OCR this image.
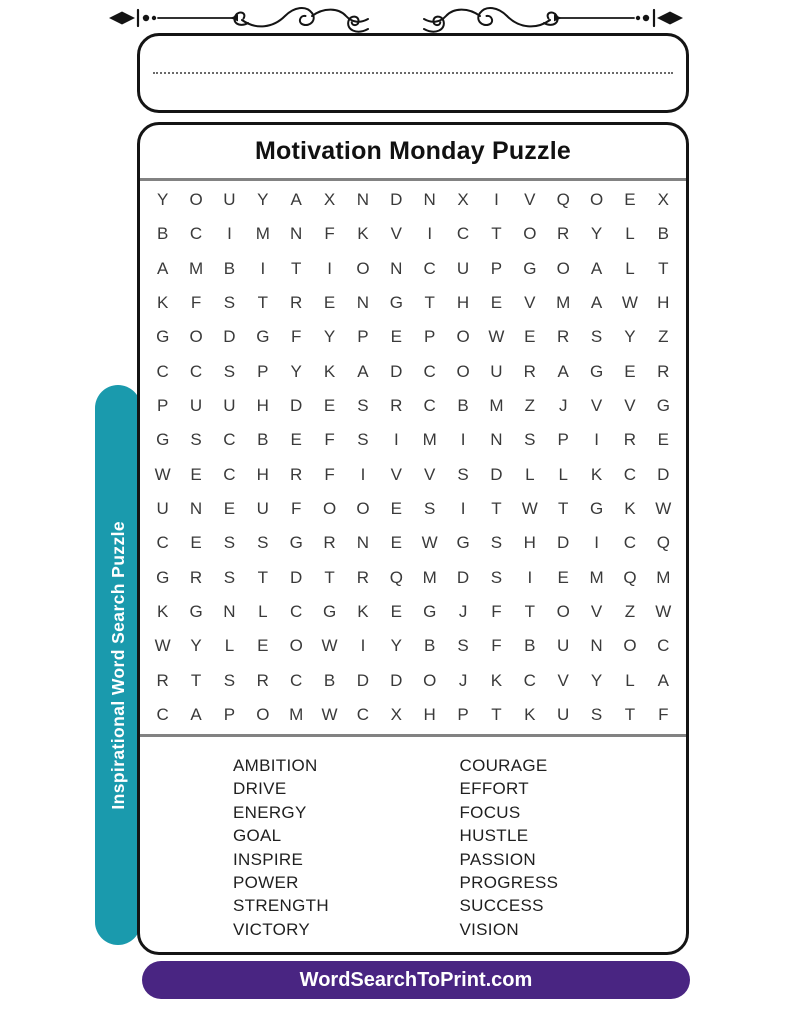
Inspirational Word Search Puzzle
Motivation Monday Puzzle
Y	O	U	Y	A	X	N	D	N	X	I	V	Q	O	E	X
B	C	I	M	N	F	K	V	I	C	T	O	R	Y	L	B
A	M	B	I	T	I	O	N	C	U	P	G	O	A	L	T
K	F	S	T	R	E	N	G	T	H	E	V	M	A	W	H
G	O	D	G	F	Y	P	E	P	O	W	E	R	S	Y	Z
C	C	S	P	Y	K	A	D	C	O	U	R	A	G	E	R
P	U	U	H	D	E	S	R	C	B	M	Z	J	V	V	G
G	S	C	B	E	F	S	I	M	I	N	S	P	I	R	E
W	E	C	H	R	F	I	V	V	S	D	L	L	K	C	D
U	N	E	U	F	O	O	E	S	I	T	W	T	G	K	W
C	E	S	S	G	R	N	E	W	G	S	H	D	I	C	Q
G	R	S	T	D	T	R	Q	M	D	S	I	E	M	Q	M
K	G	N	L	C	G	K	E	G	J	F	T	O	V	Z	W
W	Y	L	E	O	W	I	Y	B	S	F	B	U	N	O	C
R	T	S	R	C	B	D	D	O	J	K	C	V	Y	L	A
C	A	P	O	M	W	C	X	H	P	T	K	U	S	T	F
AMBITION
DRIVE
ENERGY
GOAL
INSPIRE
POWER
STRENGTH
VICTORY
COURAGE
EFFORT
FOCUS
HUSTLE
PASSION
PROGRESS
SUCCESS
VISION
WordSearchToPrint.com
